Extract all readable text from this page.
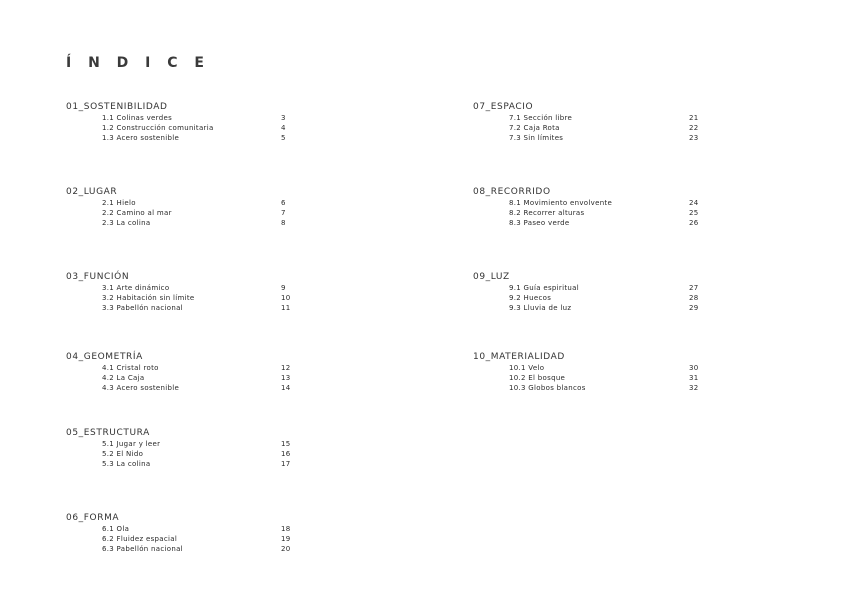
Í N D I C E
01_SOSTENIBILIDAD
1.1 Colinas verdes	3
1.2 Construcción comunitaria	4
1.3 Acero sostenible	5
02_LUGAR
2.1 Hielo	6
2.2 Camino al mar	7
2.3 La colina	8
03_FUNCIÓN
3.1 Arte dinámico	9
3.2 Habitación sin límite	10
3.3 Pabellón nacional	11
04_GEOMETRÍA
4.1 Cristal roto	12
4.2 La Caja	13
4.3 Acero sostenible	14
05_ESTRUCTURA
5.1 Jugar y leer	15
5.2 El Nido	16
5.3 La colina	17
06_FORMA
6.1 Ola	18
6.2 Fluidez espacial	19
6.3 Pabellón nacional	20
07_ESPACIO
7.1 Sección libre	21
7.2 Caja Rota	22
7.3 Sin límites	23
08_RECORRIDO
8.1 Movimiento envolvente	24
8.2 Recorrer alturas	25
8.3 Paseo verde	26
09_LUZ
9.1 Guía espiritual	27
9.2 Huecos	28
9.3 Lluvia de luz	29
10_MATERIALIDAD
10.1 Velo	30
10.2 El bosque	31
10.3 Globos blancos	32
